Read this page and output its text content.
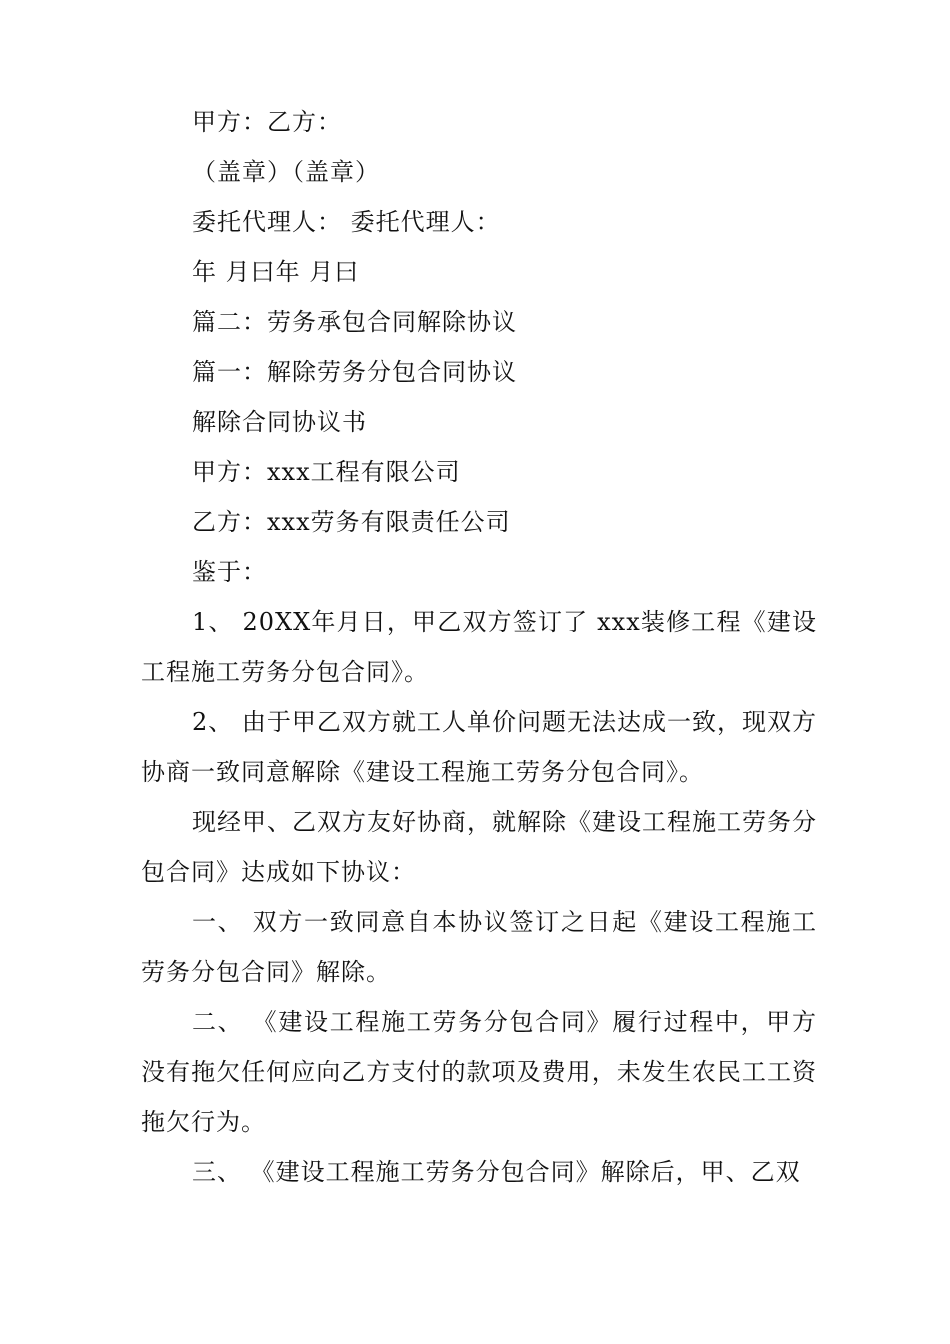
甲方：乙方：
（盖章）（盖章）
委托代理人： 委托代理人：
年 月曰年 月曰
篇二：劳务承包合同解除协议
篇一：解除劳务分包合同协议
解除合同协议书
甲方：xxx工程有限公司
乙方：xxx劳务有限责任公司
鉴于：
1、 20XX年月日，甲乙双方签订了 xxx装修工程《建设工程施工劳务分包合同》。
2、 由于甲乙双方就工人单价问题无法达成一致，现双方协商一致同意解除《建设工程施工劳务分包合同》。
现经甲、乙双方友好协商，就解除《建设工程施工劳务分包合同》达成如下协议：
一、 双方一致同意自本协议签订之日起《建设工程施工劳务分包合同》解除。
二、 《建设工程施工劳务分包合同》履行过程中，甲方没有拖欠任何应向乙方支付的款项及费用，未发生农民工工资拖欠行为。
三、 《建设工程施工劳务分包合同》解除后，甲、乙双
